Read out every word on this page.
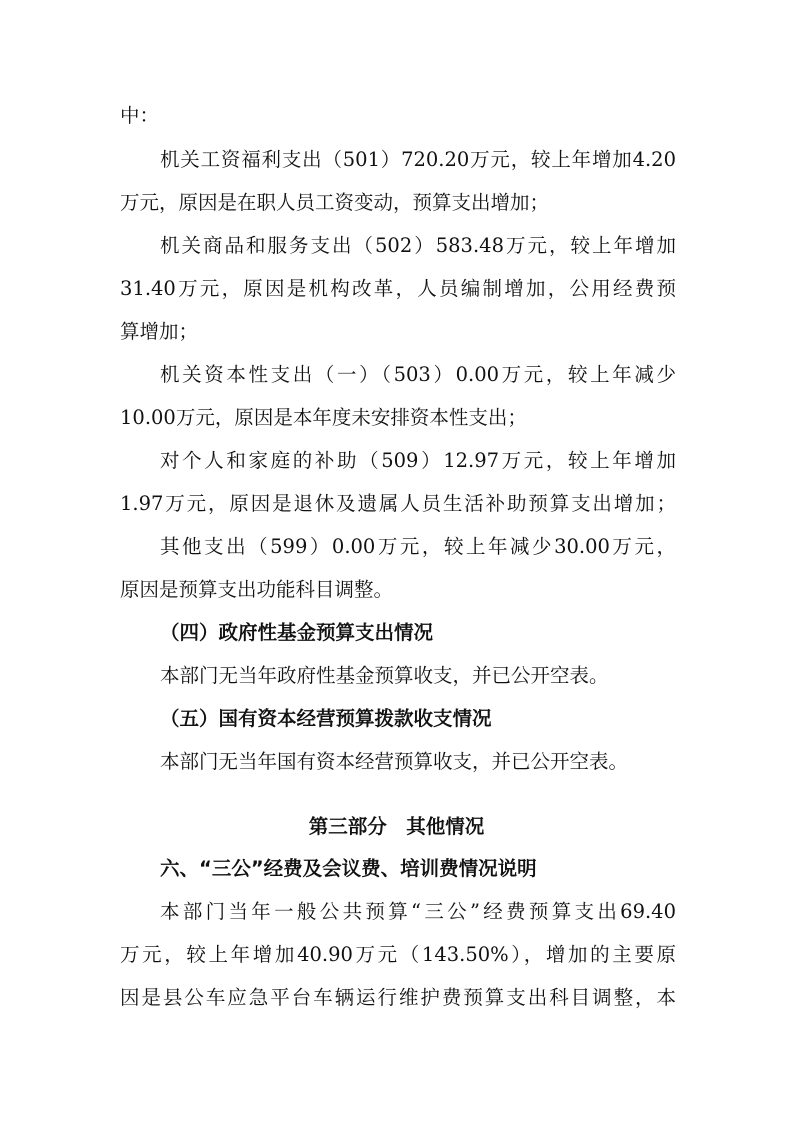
中：
机关工资福利支出（501）720.20万元，较上年增加4.20
万元，原因是在职人员工资变动，预算支出增加；
机关商品和服务支出（502）583.48万元，较上年增加
31.40万元，原因是机构改革，人员编制增加，公用经费预
算增加；
机关资本性支出（一）（503）0.00万元，较上年减少
10.00万元，原因是本年度未安排资本性支出；
对个人和家庭的补助（509）12.97万元，较上年增加
1.97万元，原因是退休及遗属人员生活补助预算支出增加；
其他支出（599）0.00万元，较上年减少30.00万元，
原因是预算支出功能科目调整。
（四）政府性基金预算支出情况
本部门无当年政府性基金预算收支，并已公开空表。
（五）国有资本经营预算拨款收支情况
本部门无当年国有资本经营预算收支，并已公开空表。
第三部分　其他情况
六、“三公”经费及会议费、培训费情况说明
本部门当年一般公共预算“三公”经费预算支出69.40
万元，较上年增加40.90万元（143.50%），增加的主要原
因是县公车应急平台车辆运行维护费预算支出科目调整，本
